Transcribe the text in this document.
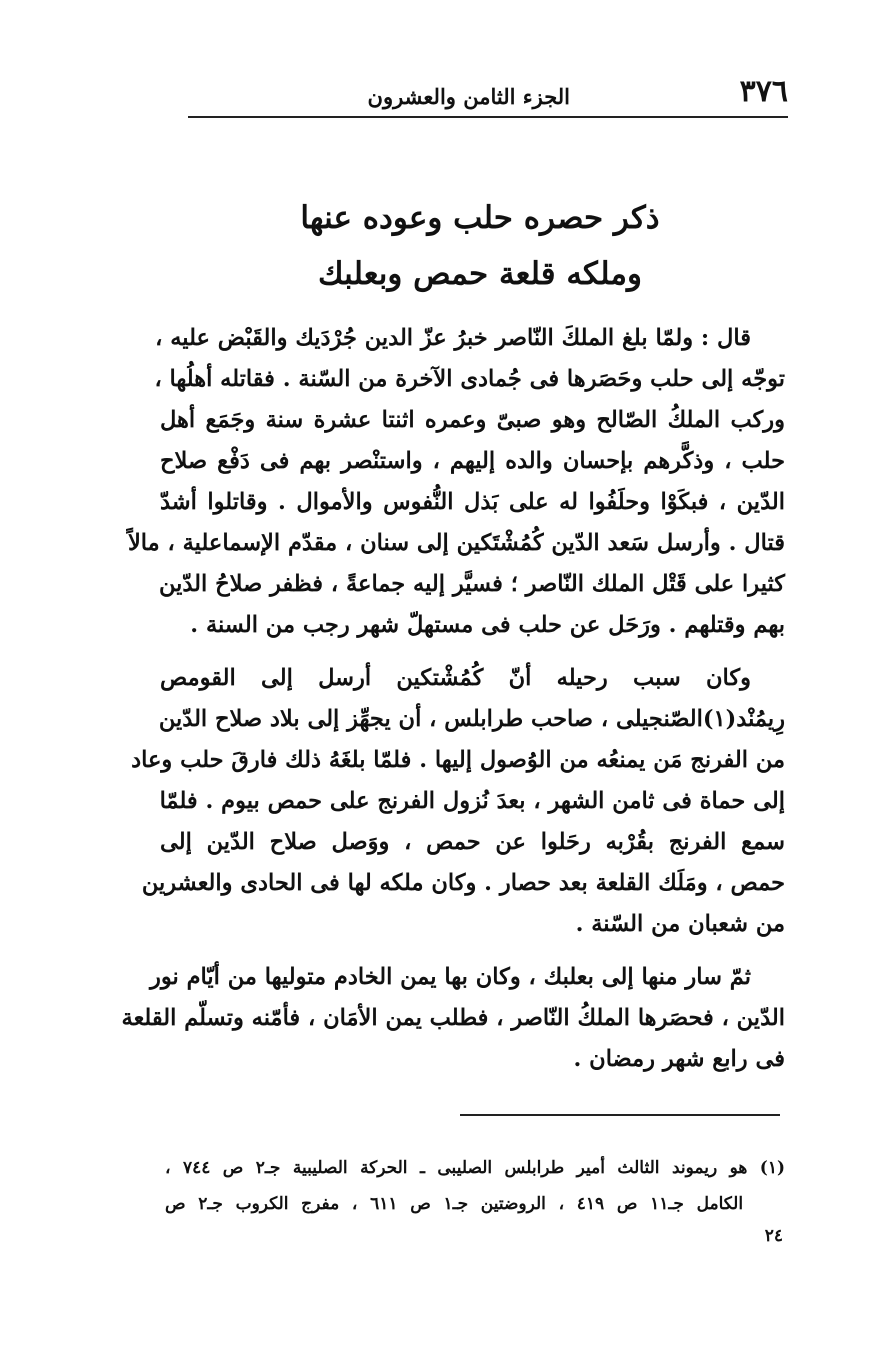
٣٧٦
الجزء الثامن والعشرون
ذكر حصره حلب وعوده عنها
وملكه قلعة حمص وبعلبك
قال : ولمّا بلغ الملكَ النّاصر خبرُ عزّ الدين جُرْدَيك والقَبْض عليه ،
توجّه إلى حلب وحَصَرها فى جُمادى الآخرة من السّنة . فقاتله أهلُها ،
وركب الملكُ الصّالح وهو صبىّ وعمره اثنتا عشرة سنة وجَمَع أهل
حلب ، وذكَّرهم بإحسان والده إليهم ، واستنْصر بهم فى دَفْع صلاح
الدّين ، فبكَوْا وحلَفُوا له على بَذل النُّفوس والأموال . وقاتلوا أشدّ
قتال . وأرسل سَعد الدّين كُمُشْتَكين إلى سنان ، مقدّم الإسماعلية ، مالاً
كثيرا على قَتْل الملك النّاصر ؛ فسيَّر إليه جماعةً ، فظفر صلاحُ الدّين
بهم وقتلهم . ورَحَل عن حلب فى مستهلّ شهر رجب من السنة .
وكان سبب رحيله أنّ كُمُشْتكين أرسل إلى القومص
رِيمُنْد(١)الصّنجيلى ، صاحب طرابلس ، أن يجهِّز إلى بلاد صلاح الدّين
من الفرنج مَن يمنعُه من الوُصول إليها . فلمّا بلغَهُ ذلك فارقَ حلب وعاد
إلى حماة فى ثامن الشهر ، بعدَ نُزول الفرنج على حمص بيوم . فلمّا
سمع الفرنج بقُرْبه رحَلوا عن حمص ، ووَصل صلاح الدّين إلى
حمص ، ومَلَك القلعة بعد حصار . وكان ملكه لها فى الحادى والعشرين
من شعبان من السّنة .
ثمّ سار منها إلى بعلبك ، وكان بها يمن الخادم متوليها من أيّام نور
الدّين ، فحصَرها الملكُ النّاصر ، فطلب يمن الأمَان ، فأمّنه وتسلّم القلعة
فى رابع شهر رمضان .
(١) هو ريموند الثالث أمير طرابلس الصليبى ـ الحركة الصليبية جـ٢ ص ٧٤٤ ،
الكامل جـ١١ ص ٤١٩ ، الروضتين جـ١ ص ٦١١ ، مفرج الكروب جـ٢ ص
٢٤
